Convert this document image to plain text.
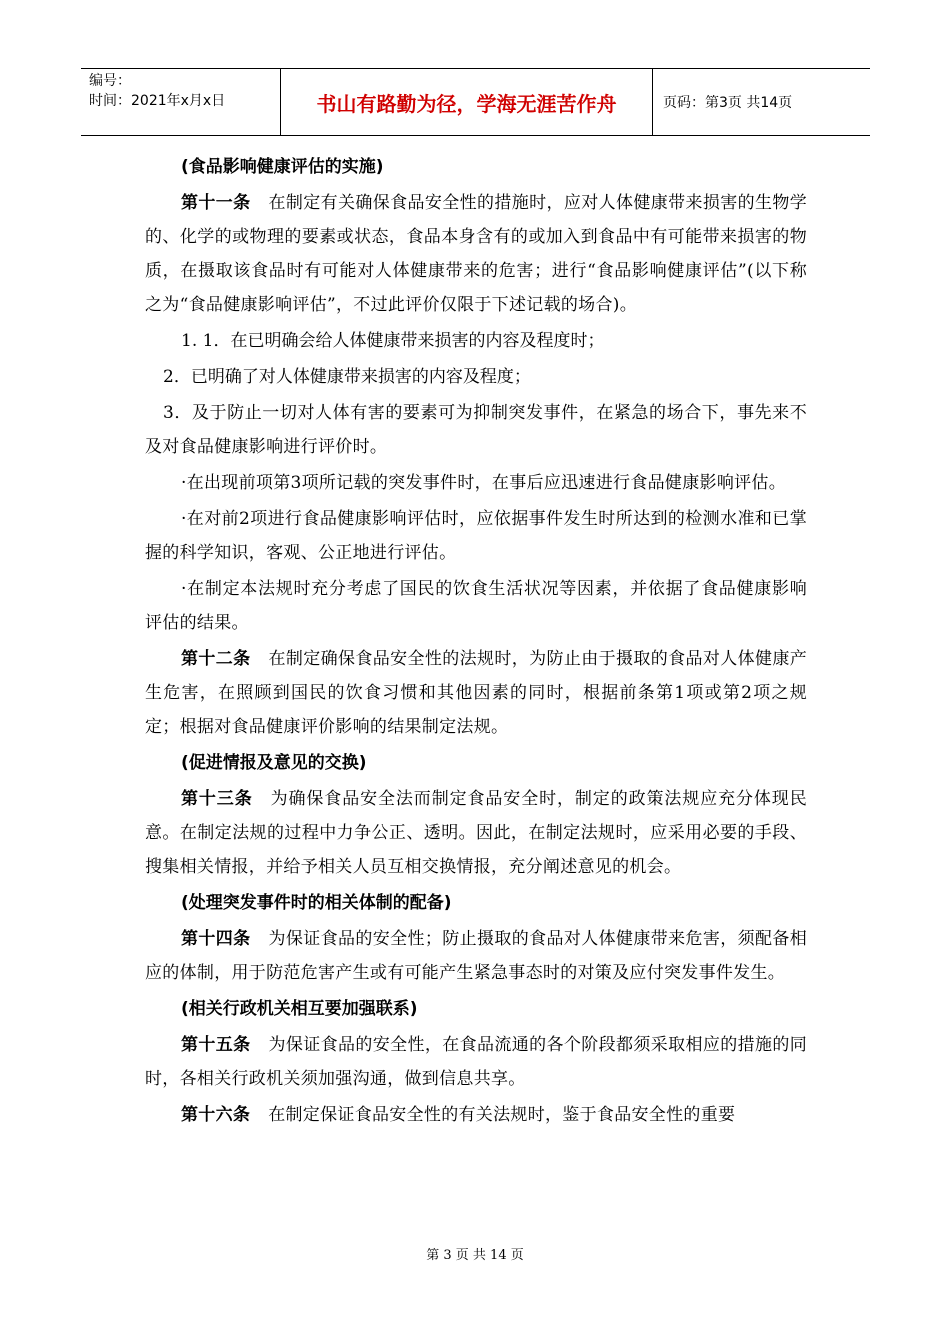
编号：
时间：2021年x月x日	书山有路勤为径，学海无涯苦作舟	页码：第3页 共14页
(食品影响健康评估的实施)
第十一条 在制定有关确保食品安全性的措施时，应对人体健康带来损害的生物学的、化学的或物理的要素或状态，食品本身含有的或加入到食品中有可能带来损害的物质，在摄取该食品时有可能对人体健康带来的危害；进行“食品影响健康评估”(以下称之为“食品健康影响评估”，不过此评价仅限于下述记载的场合)。
1. 1．在已明确会给人体健康带来损害的内容及程度时；
2．已明确了对人体健康带来损害的内容及程度；
3．及于防止一切对人体有害的要素可为抑制突发事件，在紧急的场合下，事先来不及对食品健康影响进行评价时。
·在出现前项第3项所记载的突发事件时，在事后应迅速进行食品健康影响评估。
·在对前2项进行食品健康影响评估时，应依据事件发生时所达到的检测水准和已掌握的科学知识，客观、公正地进行评估。
·在制定本法规时充分考虑了国民的饮食生活状况等因素，并依据了食品健康影响评估的结果。
第十二条 在制定确保食品安全性的法规时，为防止由于摄取的食品对人体健康产生危害，在照顾到国民的饮食习惯和其他因素的同时，根据前条第1项或第2项之规定；根据对食品健康评价影响的结果制定法规。
(促进情报及意见的交换)
第十三条 为确保食品安全法而制定食品安全时，制定的政策法规应充分体现民意。在制定法规的过程中力争公正、透明。因此，在制定法规时，应采用必要的手段、搜集相关情报，并给予相关人员互相交换情报，充分阐述意见的机会。
(处理突发事件时的相关体制的配备)
第十四条 为保证食品的安全性；防止摄取的食品对人体健康带来危害，须配备相应的体制，用于防范危害产生或有可能产生紧急事态时的对策及应付突发事件发生。
(相关行政机关相互要加强联系)
第十五条 为保证食品的安全性，在食品流通的各个阶段都须采取相应的措施的同时，各相关行政机关须加强沟通，做到信息共享。
第十六条 在制定保证食品安全性的有关法规时，鉴于食品安全性的重要
第 3 页 共 14 页
